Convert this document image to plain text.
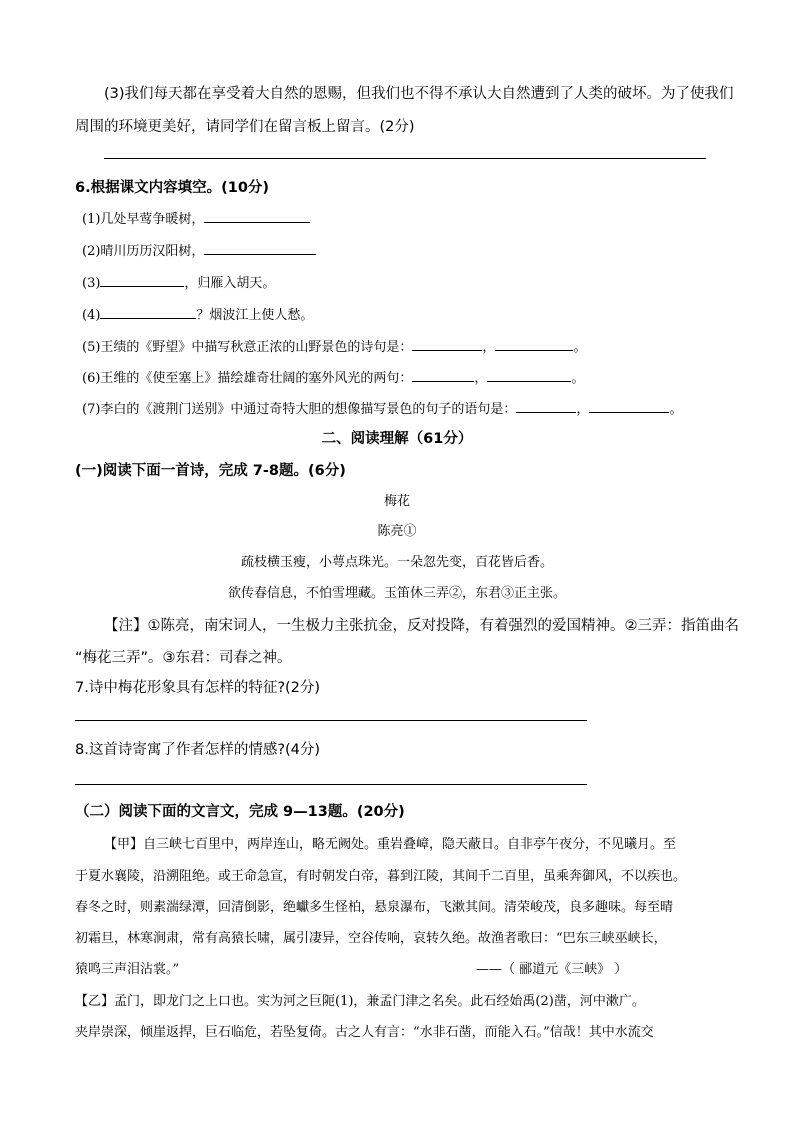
(3)我们每天都在享受着大自然的恩赐，但我们也不得不承认大自然遭到了人类的破坏。为了使我们
周围的环境更美好，请同学们在留言板上留言。(2分)
6.根据课文内容填空。(10分)
(1)几处早莺争暖树，
(2)晴川历历汉阳树，
(3)	，归雁入胡天。
(4)	？烟波江上使人愁。
(5)王绩的《野望》中描写秋意正浓的山野景色的诗句是：	，	。
(6)王维的《使至塞上》描绘雄奇壮阔的塞外风光的两句：	，	。
(7)李白的《渡荆门送别》中通过奇特大胆的想像描写景色的句子的语句是：	，	。
二、阅读理解（61分）
(一)阅读下面一首诗，完成 7-8题。(6分)
梅花
陈亮①
疏枝横玉瘦，小萼点珠光。一朵忽先变，百花皆后香。
欲传春信息，不怕雪埋藏。玉笛休三弄②，东君③正主张。
【注】①陈亮，南宋词人，一生极力主张抗金，反对投降，有着强烈的爱国精神。②三弄：指笛曲名
“梅花三弄”。③东君：司春之神。
7.诗中梅花形象具有怎样的特征?(2分)
8.这首诗寄寓了作者怎样的情感?(4分)
（二）阅读下面的文言文，完成 9—13题。(20分)
【甲】自三峡七百里中，两岸连山，略无阙处。重岩叠嶂，隐天蔽日。自非亭午夜分，不见曦月。至
于夏水襄陵，沿溯阻绝。或王命急宣，有时朝发白帝，暮到江陵，其间千二百里，虽乘奔御风，不以疾也。
春冬之时，则素湍绿潭，回清倒影，绝巘多生怪柏，悬泉瀑布，飞漱其间。清荣峻茂，良多趣味。每至晴
初霜旦，林寒涧肃，常有高猿长啸，属引凄异，空谷传响，哀转久绝。故渔者歌曰：“巴东三峡巫峡长，
猿鸣三声泪沾裳。”	——（ 郦道元《三峡》 ）
【乙】孟门，即龙门之上口也。实为河之巨阨(1)，兼孟门津之名矣。此石经始禹(2)凿，河中漱广。
夹岸崇深，倾崖返捍，巨石临危，若坠复倚。古之人有言：“水非石凿，而能入石。”信哉！其中水流交
